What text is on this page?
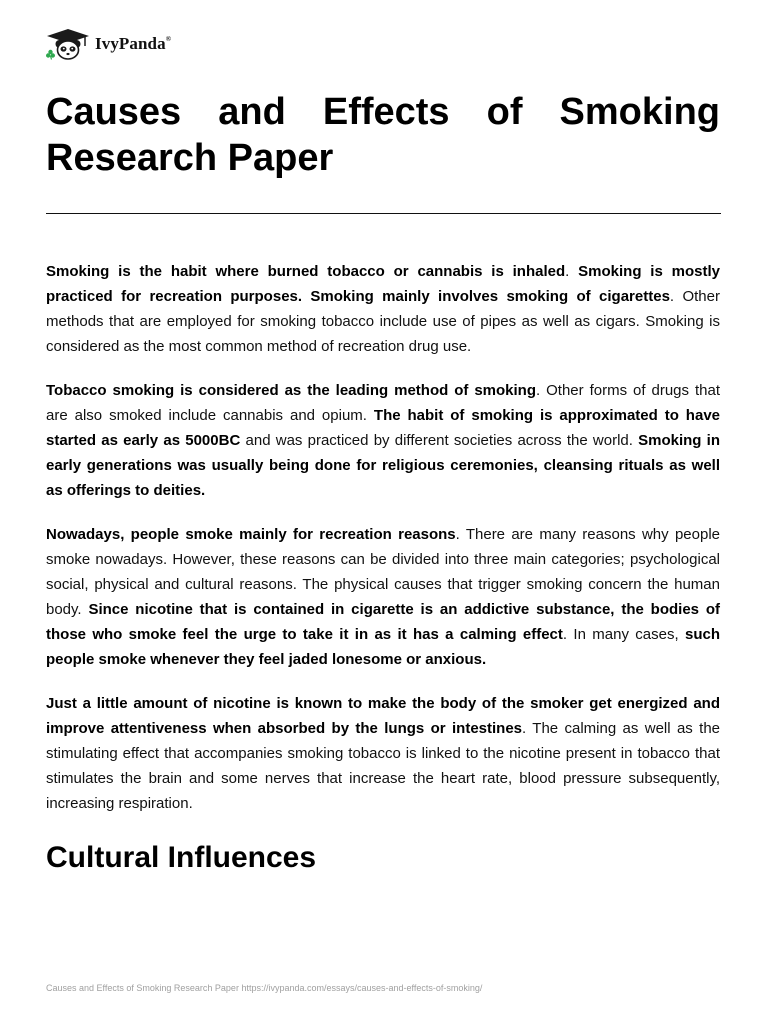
IvyPanda®
Causes and Effects of Smoking Research Paper

Smoking is the habit where burned tobacco or cannabis is inhaled. Smoking is mostly practiced for recreation purposes. Smoking mainly involves smoking of cigarettes. Other methods that are employed for smoking tobacco include use of pipes as well as cigars. Smoking is considered as the most common method of recreation drug use.

Tobacco smoking is considered as the leading method of smoking. Other forms of drugs that are also smoked include cannabis and opium. The habit of smoking is approximated to have started as early as 5000BC and was practiced by different societies across the world. Smoking in early generations was usually being done for religious ceremonies, cleansing rituals as well as offerings to deities.

Nowadays, people smoke mainly for recreation reasons. There are many reasons why people smoke nowadays. However, these reasons can be divided into three main categories; psychological social, physical and cultural reasons. The physical causes that trigger smoking concern the human body. Since nicotine that is contained in cigarette is an addictive substance, the bodies of those who smoke feel the urge to take it in as it has a calming effect. In many cases, such people smoke whenever they feel jaded lonesome or anxious.

Just a little amount of nicotine is known to make the body of the smoker get energized and improve attentiveness when absorbed by the lungs or intestines. The calming as well as the stimulating effect that accompanies smoking tobacco is linked to the nicotine present in tobacco that stimulates the brain and some nerves that increase the heart rate, blood pressure subsequently, increasing respiration.

Cultural Influences
Causes and Effects of Smoking Research Paper https://ivypanda.com/essays/causes-and-effects-of-smoking/
